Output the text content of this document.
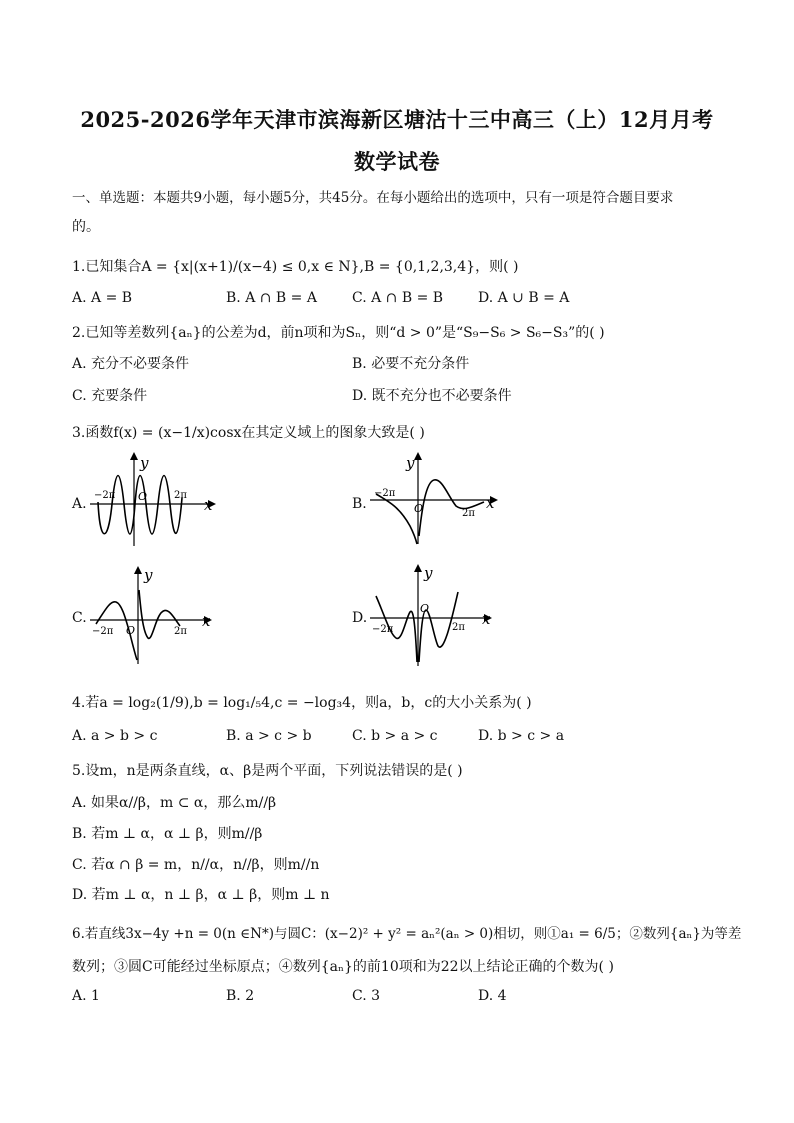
2025-2026学年天津市滨海新区塘沽十三中高三（上）12月月考
数学试卷
一、单选题：本题共9小题，每小题5分，共45分。在每小题给出的选项中，只有一项是符合题目要求
的。
1.已知集合A = {x|(x+1)/(x−4) ≤ 0,x ∈ N},B = {0,1,2,3,4}，则( )
A. A = B	B. A ∩ B = A	C. A ∩ B = B D. A ∪ B = A
2.已知等差数列{aₙ}的公差为d，前n项和为Sₙ，则“d > 0”是“S₉−S₆ > S₆−S₃”的( )
A. 充分不必要条件	B. 必要不充分条件
C. 充要条件	D. 既不充分也不必要条件
3.函数f(x) = (x−1/x)cosx在其定义域上的图象大致是( )
A.
y
x
−2π	2π
O	B.
y
x
−2π
2π
O
C.
y
x
−2π	2π
O
D.
y
x
−2π	2π
O
4.若a = log₂(1/9),b = log₁/₅4,c = −log₃4，则a，b，c的大小关系为( )
A. a > b > c	B. a > c > b	C. b > a > c	D. b > c > a
5.设m，n是两条直线，α、β是两个平面，下列说法错误的是( )
A. 如果α//β，m ⊂ α，那么m//β
B. 若m ⊥ α，α ⊥ β，则m//β
C. 若α ∩ β = m，n//α，n//β，则m//n
D. 若m ⊥ α，n ⊥ β，α ⊥ β，则m ⊥ n
6.若直线3x−4y +n = 0(n ∈N*)与圆C：(x−2)² + y² = aₙ²(aₙ > 0)相切，则①a₁ = 6/5；②数列{aₙ}为等差
数列；③圆C可能经过坐标原点；④数列{aₙ}的前10项和为22以上结论正确的个数为( )
A. 1	B. 2	C. 3	D. 4
